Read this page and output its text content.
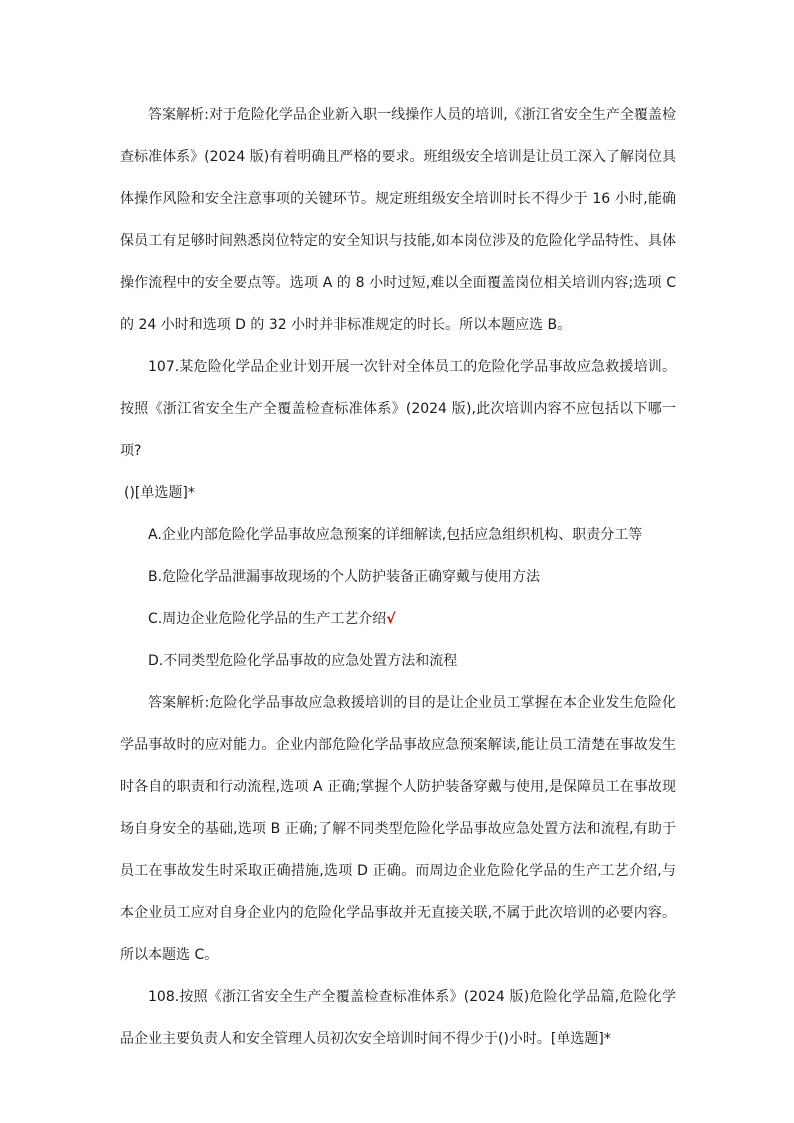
答案解析:对于危险化学品企业新入职一线操作人员的培训,《浙江省安全生产全覆盖检查标准体系》(2024 版)有着明确且严格的要求。班组级安全培训是让员工深入了解岗位具体操作风险和安全注意事项的关键环节。规定班组级安全培训时长不得少于 16 小时,能确保员工有足够时间熟悉岗位特定的安全知识与技能,如本岗位涉及的危险化学品特性、具体操作流程中的安全要点等。选项 A 的 8 小时过短,难以全面覆盖岗位相关培训内容;选项 C 的 24 小时和选项 D 的 32 小时并非标准规定的时长。所以本题应选 B。

107.某危险化学品企业计划开展一次针对全体员工的危险化学品事故应急救援培训。按照《浙江省安全生产全覆盖检查标准体系》(2024 版),此次培训内容不应包括以下哪一项?
()[单选题]*

A.企业内部危险化学品事故应急预案的详细解读,包括应急组织机构、职责分工等

B.危险化学品泄漏事故现场的个人防护装备正确穿戴与使用方法

C.周边企业危险化学品的生产工艺介绍√

D.不同类型危险化学品事故的应急处置方法和流程

答案解析:危险化学品事故应急救援培训的目的是让企业员工掌握在本企业发生危险化学品事故时的应对能力。企业内部危险化学品事故应急预案解读,能让员工清楚在事故发生时各自的职责和行动流程,选项 A 正确;掌握个人防护装备穿戴与使用,是保障员工在事故现场自身安全的基础,选项 B 正确;了解不同类型危险化学品事故应急处置方法和流程,有助于员工在事故发生时采取正确措施,选项 D 正确。而周边企业危险化学品的生产工艺介绍,与本企业员工应对自身企业内的危险化学品事故并无直接关联,不属于此次培训的必要内容。所以本题选 C。

108.按照《浙江省安全生产全覆盖检查标准体系》(2024 版)危险化学品篇,危险化学品企业主要负责人和安全管理人员初次安全培训时间不得少于()小时。[单选题]*
